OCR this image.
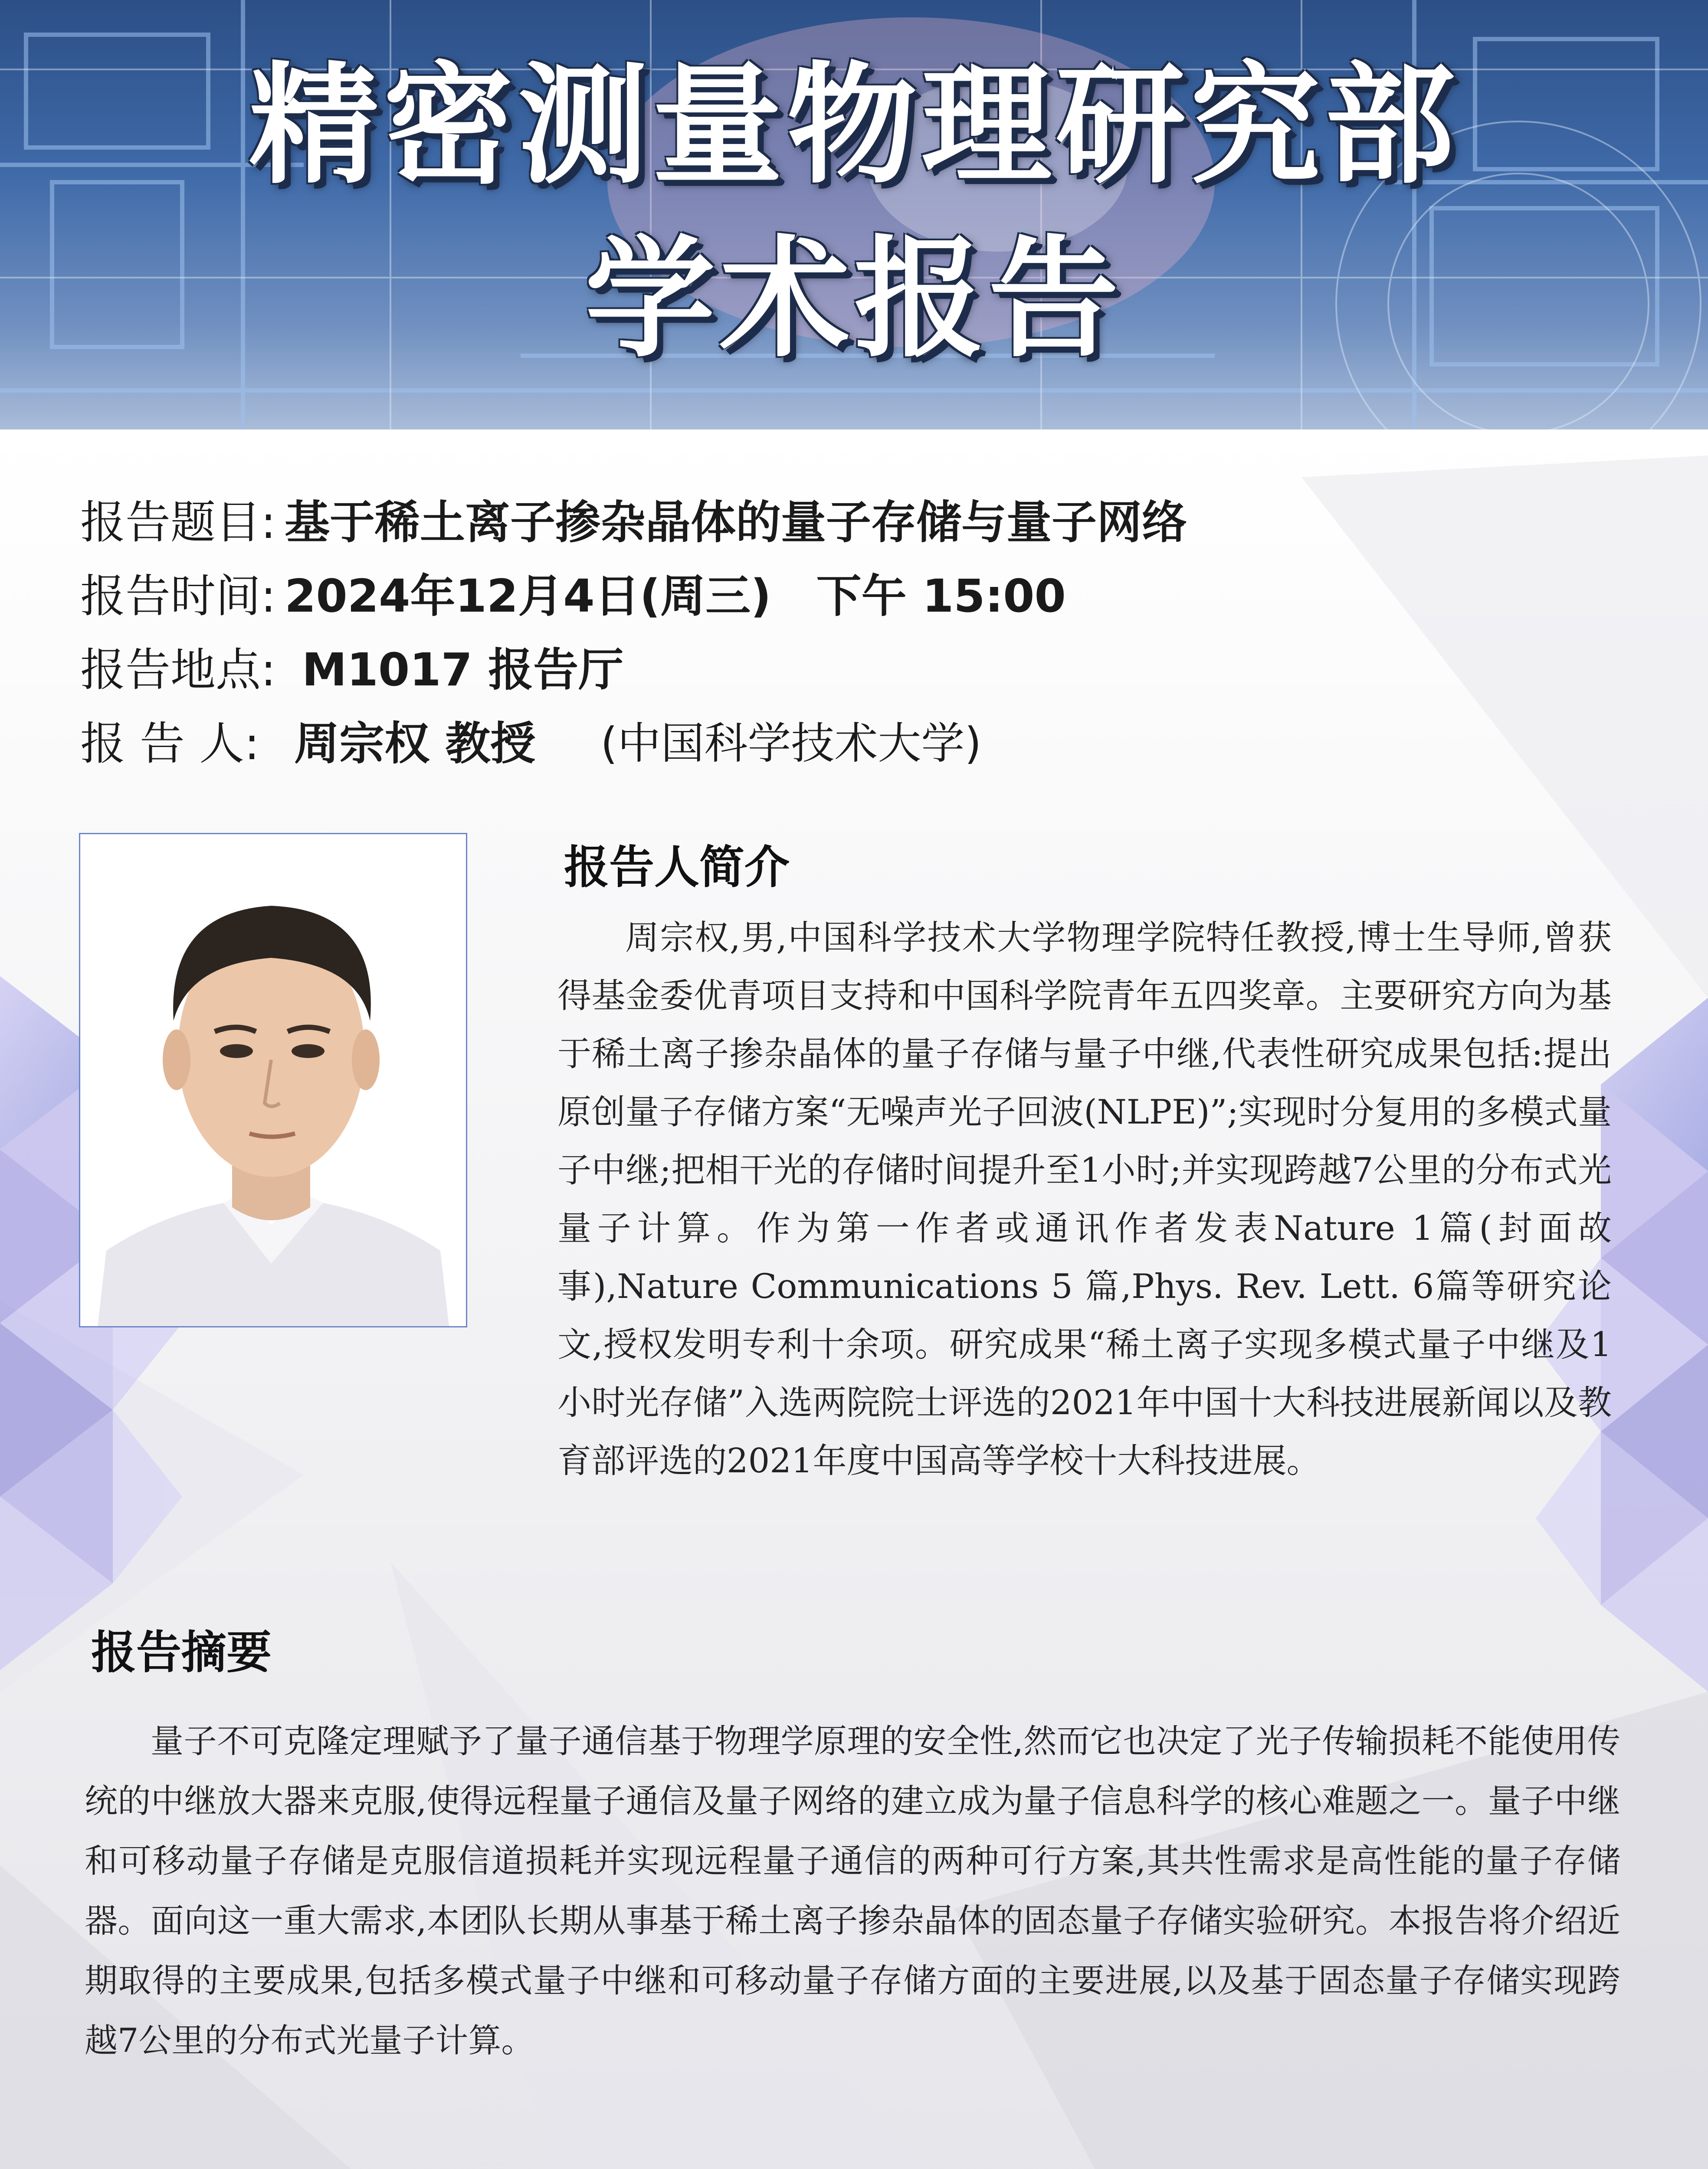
精密测量物理研究部
学术报告
报告题目: 基于稀土离子掺杂晶体的量子存储与量子网络
报告时间: 2024年12月4日(周三)　下午 15:00
报告地点: M1017 报告厅
报 告 人: 周宗权 教授 (中国科学技术大学)
报告人简介
周宗权,男,中国科学技术大学物理学院特任教授,博士生导师,曾获得基金委优青项目支持和中国科学院青年五四奖章。主要研究方向为基于稀土离子掺杂晶体的量子存储与量子中继,代表性研究成果包括:提出原创量子存储方案“无噪声光子回波(NLPE)”;实现时分复用的多模式量子中继;把相干光的存储时间提升至1小时;并实现跨越7公里的分布式光量子计算。作为第一作者或通讯作者发表Nature 1篇(封面故事),Nature Communications 5 篇,Phys. Rev. Lett. 6篇等研究论文,授权发明专利十余项。研究成果“稀土离子实现多模式量子中继及1小时光存储”入选两院院士评选的2021年中国十大科技进展新闻以及教育部评选的2021年度中国高等学校十大科技进展。
报告摘要
量子不可克隆定理赋予了量子通信基于物理学原理的安全性,然而它也决定了光子传输损耗不能使用传统的中继放大器来克服,使得远程量子通信及量子网络的建立成为量子信息科学的核心难题之一。量子中继和可移动量子存储是克服信道损耗并实现远程量子通信的两种可行方案,其共性需求是高性能的量子存储器。面向这一重大需求,本团队长期从事基于稀土离子掺杂晶体的固态量子存储实验研究。本报告将介绍近期取得的主要成果,包括多模式量子中继和可移动量子存储方面的主要进展,以及基于固态量子存储实现跨越7公里的分布式光量子计算。
